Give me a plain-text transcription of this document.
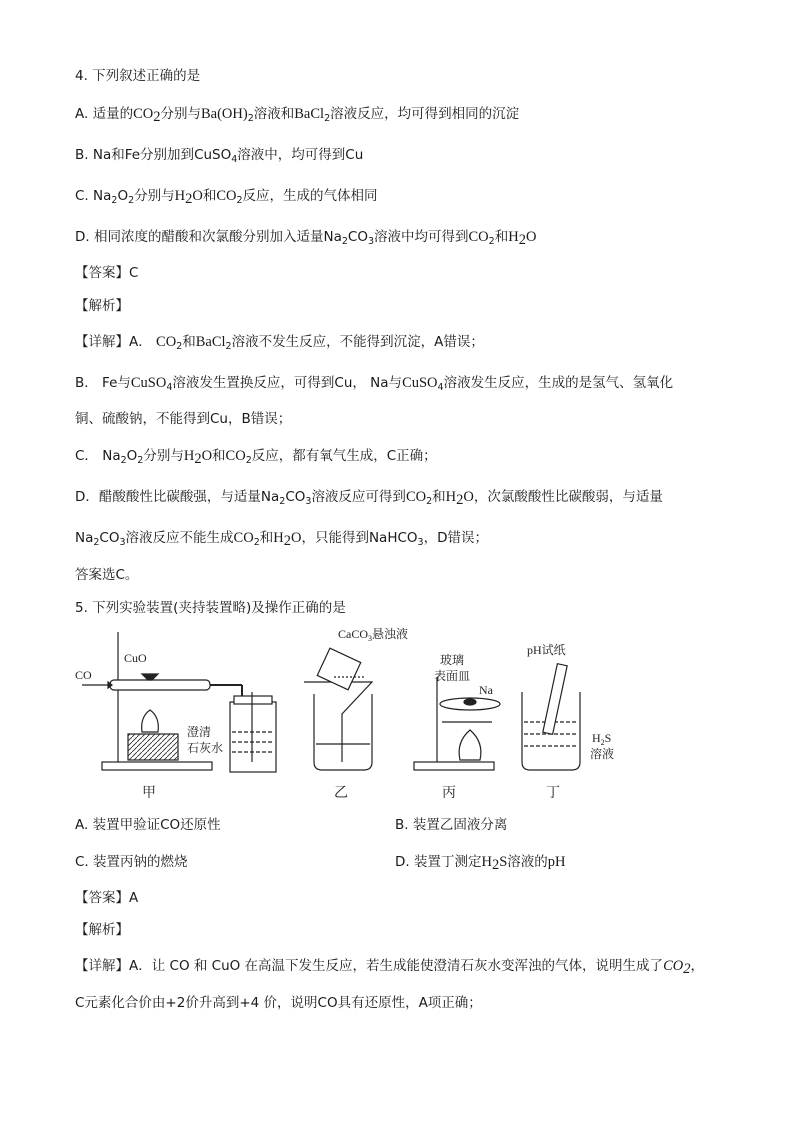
4. 下列叙述正确的是
A. 适量的$CO_2$分别与$Ba(OH)_2$溶液和BaCl$_2$溶液反应，均可得到相同的沉淀
B. Na和Fe分别加到CuSO$_4$溶液中，均可得到Cu
C. $Na_2O_2$分别与$H_2O$和$CO_2$反应，生成的气体相同
D. 相同浓度的醋酸和次氯酸分别加入适量$Na_2CO_3$溶液中均可得到$CO_2$和$H_2O$
【答案】C
【解析】
【详解】A． $CO_2$和BaCl$_2$溶液不发生反应，不能得到沉淀，A错误；
B． Fe与CuSO$_4$溶液发生置换反应，可得到Cu， Na与CuSO$_4$溶液发生反应，生成的是氢气、氢氧化
铜、硫酸钠，不能得到Cu，B错误；
C． $Na_2O_2$分别与$H_2O$和$CO_2$反应，都有氧气生成，C正确；
D．醋酸酸性比碳酸强，与适量$Na_2CO_3$溶液反应可得到$CO_2$和$H_2O$，次氯酸酸性比碳酸弱，与适量
$Na_2CO_3$溶液反应不能生成$CO_2$和$H_2O$，只能得到NaHCO$_3$，D错误；
答案选C。
5. 下列实验装置(夹持装置略)及操作正确的是
CO
CuO
澄清
石灰水
甲
CaCO$_3$悬浊液
乙
玻璃
表面皿
Na
丙
pH试纸
$H_2S$
溶液
丁
A. 装置甲验证CO还原性	B. 装置乙固液分离
C. 装置丙钠的燃烧	D. 装置丁测定$H_2S$溶液的pH
【答案】A
【解析】
【详解】A．让 CO 和 CuO 在高温下发生反应，若生成能使澄清石灰水变浑浊的气体，说明生成了$CO_2$，
C元素化合价由+2价升高到+4 价，说明CO具有还原性，A项正确；
